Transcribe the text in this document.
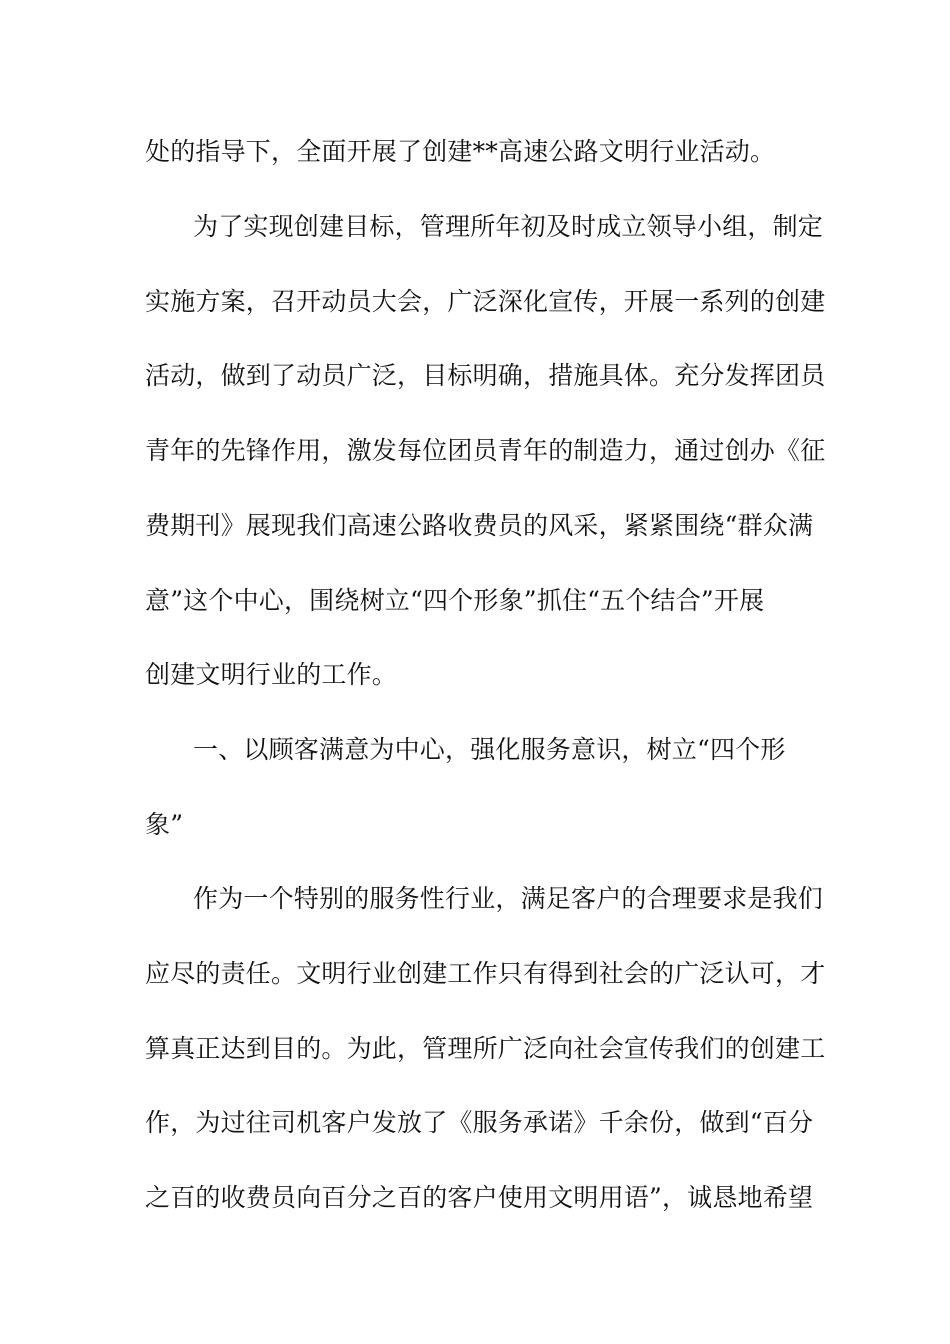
处的指导下，全面开展了创建**高速公路文明行业活动。
为了实现创建目标，管理所年初及时成立领导小组，制定
实施方案，召开动员大会，广泛深化宣传，开展一系列的创建
活动，做到了动员广泛，目标明确，措施具体。充分发挥团员
青年的先锋作用，激发每位团员青年的制造力，通过创办《征
费期刊》展现我们高速公路收费员的风采，紧紧围绕“群众满
意”这个中心，围绕树立“四个形象”抓住“五个结合”开展
创建文明行业的工作。
一、以顾客满意为中心，强化服务意识，树立“四个形
象”
作为一个特别的服务性行业，满足客户的合理要求是我们
应尽的责任。文明行业创建工作只有得到社会的广泛认可，才
算真正达到目的。为此，管理所广泛向社会宣传我们的创建工
作，为过往司机客户发放了《服务承诺》千余份，做到“百分
之百的收费员向百分之百的客户使用文明用语”，诚恳地希望
